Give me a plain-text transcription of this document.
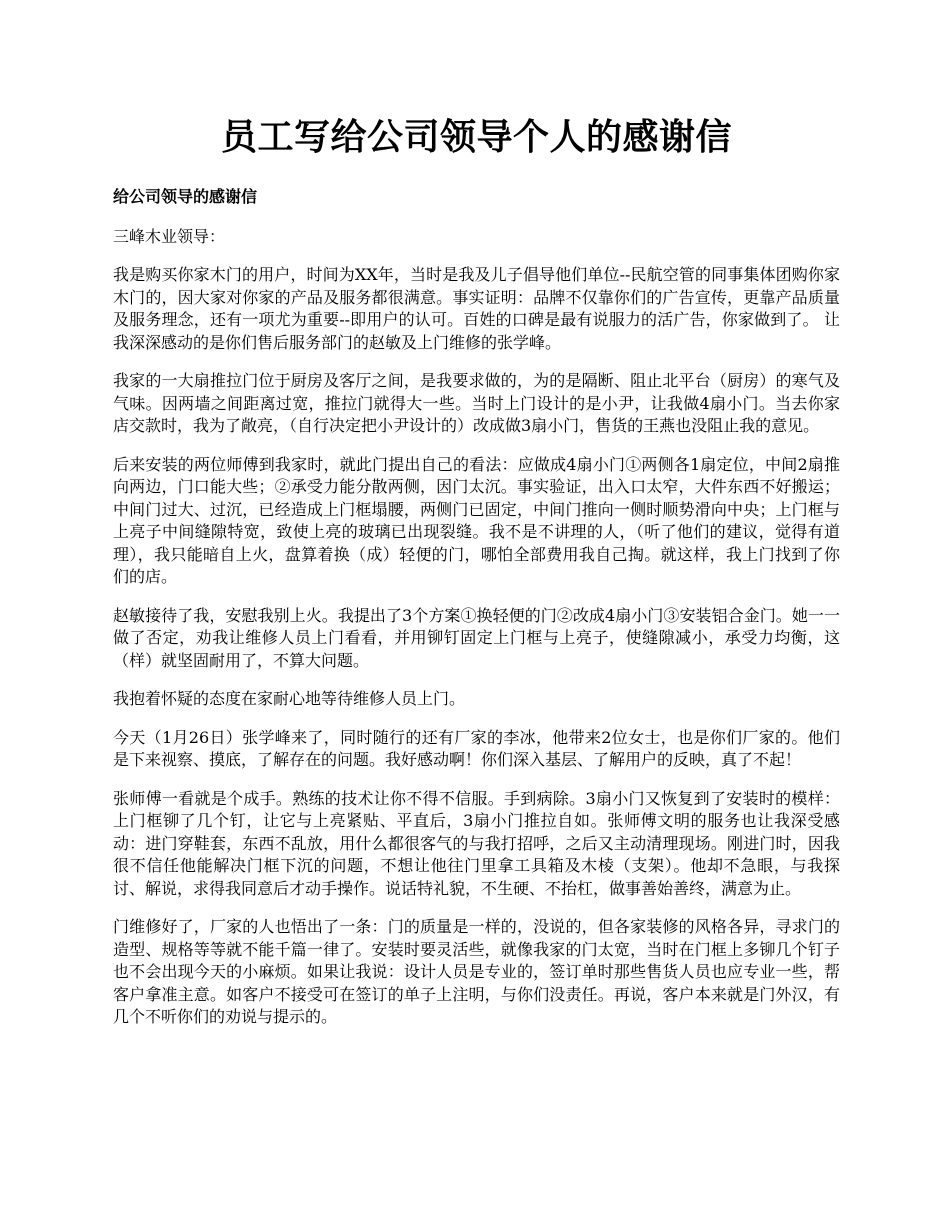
员工写给公司领导个人的感谢信
给公司领导的感谢信
三峰木业领导：

我是购买你家木门的用户，时间为XX年，当时是我及儿子倡导他们单位--民航空管的同事集体团购你家木门的，因大家对你家的产品及服务都很满意。事实证明：品牌不仅靠你们的广告宣传，更靠产品质量及服务理念，还有一项尤为重要--即用户的认可。百姓的口碑是最有说服力的活广告，你家做到了。 让我深深感动的是你们售后服务部门的赵敏及上门维修的张学峰。

我家的一大扇推拉门位于厨房及客厅之间，是我要求做的，为的是隔断、阻止北平台（厨房）的寒气及气味。因两墙之间距离过宽，推拉门就得大一些。当时上门设计的是小尹，让我做4扇小门。当去你家店交款时，我为了敞亮，（自行决定把小尹设计的）改成做3扇小门，售货的王燕也没阻止我的意见。

后来安装的两位师傅到我家时，就此门提出自己的看法：应做成4扇小门①两侧各1扇定位，中间2扇推向两边，门口能大些；②承受力能分散两侧，因门太沉。事实验证，出入口太窄，大件东西不好搬运；中间门过大、过沉，已经造成上门框塌腰，两侧门已固定，中间门推向一侧时顺势滑向中央；上门框与上亮子中间缝隙特宽，致使上亮的玻璃已出现裂缝。我不是不讲理的人，（听了他们的建议，觉得有道理），我只能暗自上火，盘算着换（成）轻便的门，哪怕全部费用我自己掏。就这样，我上门找到了你们的店。

赵敏接待了我，安慰我别上火。我提出了3个方案①换轻便的门②改成4扇小门③安装铝合金门。她一一做了否定，劝我让维修人员上门看看，并用铆钉固定上门框与上亮子，使缝隙减小，承受力均衡，这（样）就坚固耐用了，不算大问题。

我抱着怀疑的态度在家耐心地等待维修人员上门。

今天（1月26日）张学峰来了，同时随行的还有厂家的李冰，他带来2位女士，也是你们厂家的。他们是下来视察、摸底，了解存在的问题。我好感动啊！你们深入基层、了解用户的反映，真了不起！

张师傅一看就是个成手。熟练的技术让你不得不信服。手到病除。3扇小门又恢复到了安装时的模样：上门框铆了几个钉，让它与上亮紧贴、平直后，3扇小门推拉自如。张师傅文明的服务也让我深受感动：进门穿鞋套，东西不乱放，用什么都很客气的与我打招呼，之后又主动清理现场。刚进门时，因我很不信任他能解决门框下沉的问题，不想让他往门里拿工具箱及木棱（支架）。他却不急眼，与我探讨、解说，求得我同意后才动手操作。说话特礼貌，不生硬、不抬杠，做事善始善终，满意为止。

门维修好了，厂家的人也悟出了一条：门的质量是一样的，没说的，但各家装修的风格各异，寻求门的造型、规格等等就不能千篇一律了。安装时要灵活些，就像我家的门太宽，当时在门框上多铆几个钉子也不会出现今天的小麻烦。如果让我说：设计人员是专业的，签订单时那些售货人员也应专业一些，帮客户拿准主意。如客户不接受可在签订的单子上注明，与你们没责任。再说，客户本来就是门外汉，有几个不听你们的劝说与提示的。
